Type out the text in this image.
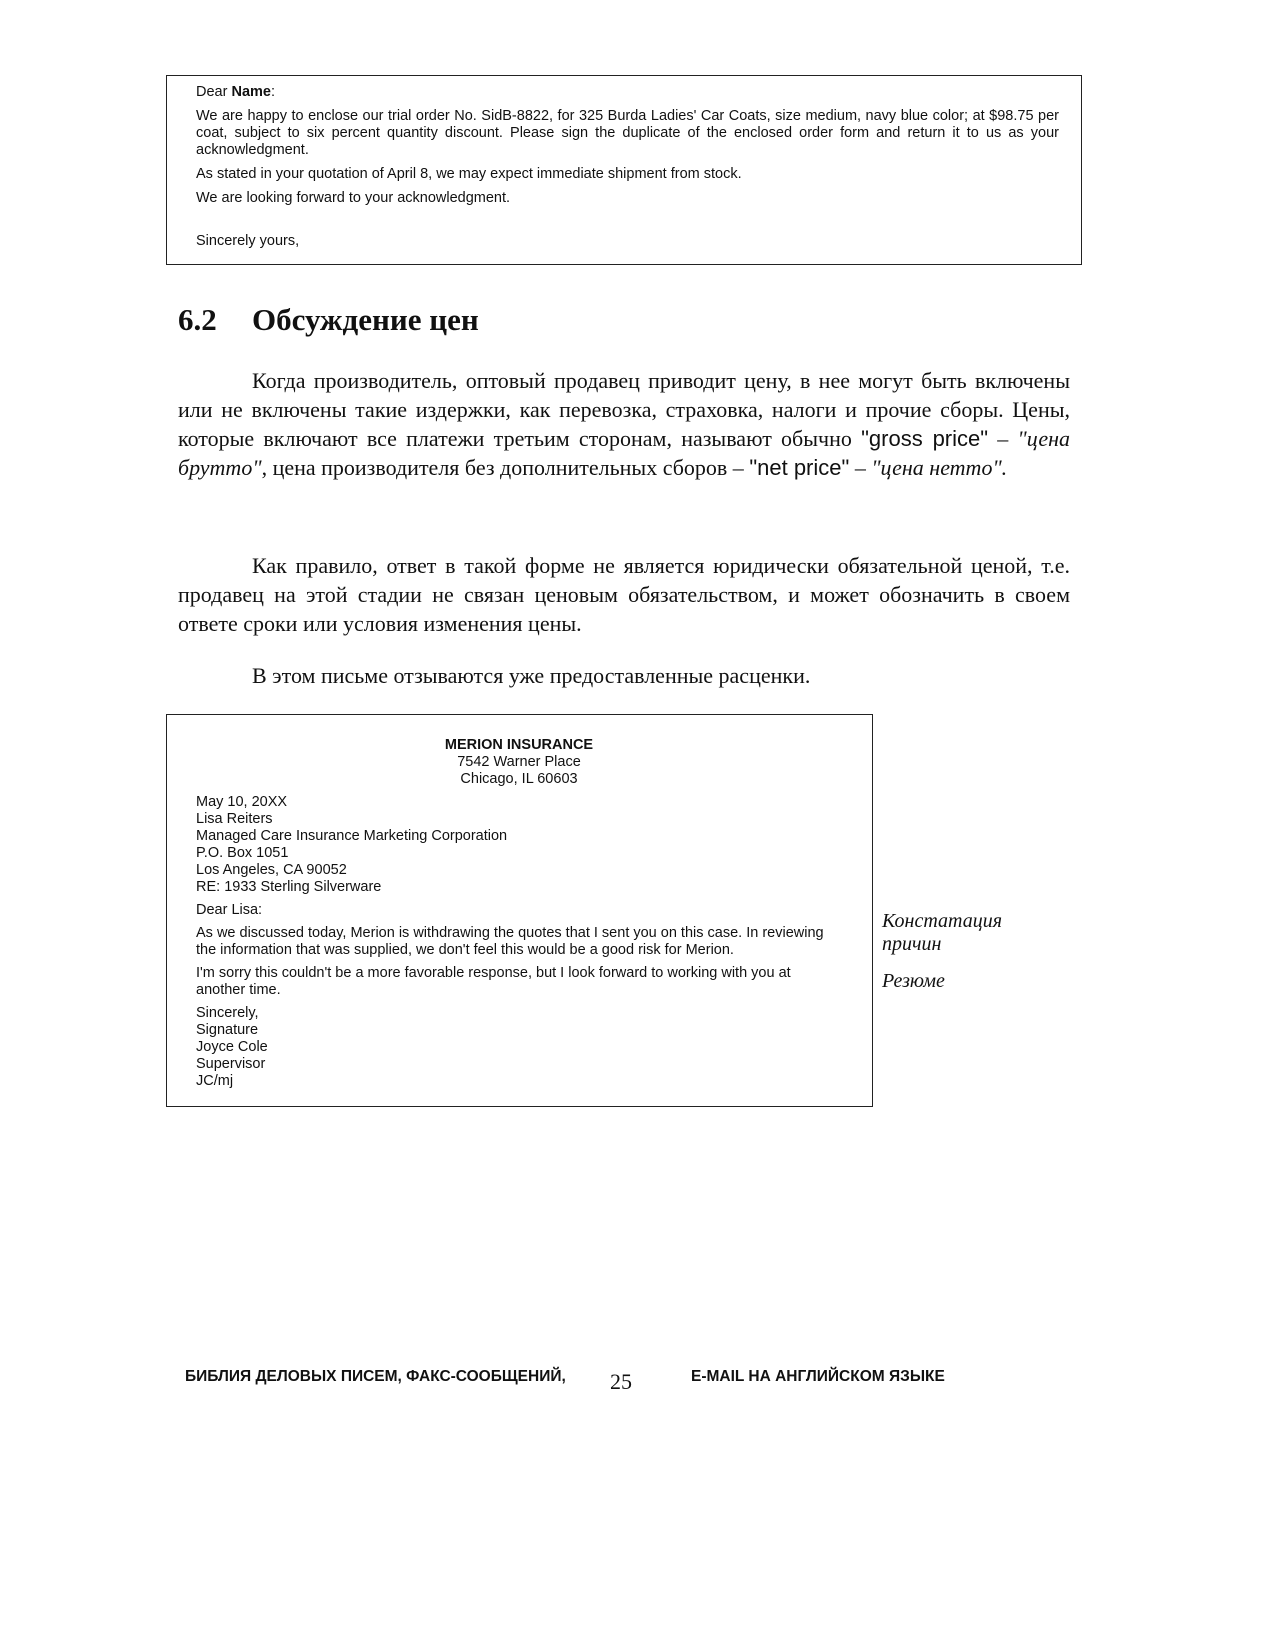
Dear Name:

We are happy to enclose our trial order No. SidB-8822, for 325 Burda Ladies' Car Coats, size medium, navy blue color; at $98.75 per coat, subject to six percent quantity discount. Please sign the duplicate of the enclosed order form and return it to us as your acknowledgment.

As stated in your quotation of April 8, we may expect immediate shipment from stock.

We are looking forward to your acknowledgment.

Sincerely yours,

6.2 Обсуждение цен

Когда производитель, оптовый продавец приводит цену, в нее могут быть включены или не включены такие издержки, как перевозка, страховка, налоги и прочие сборы. Цены, которые включают все платежи третьим сторонам, называют обычно "gross price" – "цена брутто", цена производителя без дополнительных сборов – "net price" – "цена нетто".

Как правило, ответ в такой форме не является юридически обязательной ценой, т.е. продавец на этой стадии не связан ценовым обязательством, и может обозначить в своем ответе сроки или условия изменения цены.

В этом письме отзываются уже предоставленные расценки.

MERION INSURANCE
7542 Warner Place
Chicago, IL 60603
May 10, 20XX
Lisa Reiters
Managed Care Insurance Marketing Corporation
P.O. Box 1051
Los Angeles, CA 90052
RE: 1933 Sterling Silverware

Dear Lisa:

As we discussed today, Merion is withdrawing the quotes that I sent you on this case. In reviewing the information that was supplied, we don't feel this would be a good risk for Merion.

I'm sorry this couldn't be a more favorable response, but I look forward to working with you at another time.

Sincerely,
Signature
Joyce Cole
Supervisor
JC/mj
Констатация причин
Резюме
БИБЛИЯ ДЕЛОВЫХ ПИСЕМ, ФАКС-СООБЩЕНИЙ, 25	E-MAIL НА АНГЛИЙСКОМ ЯЗЫКЕ
